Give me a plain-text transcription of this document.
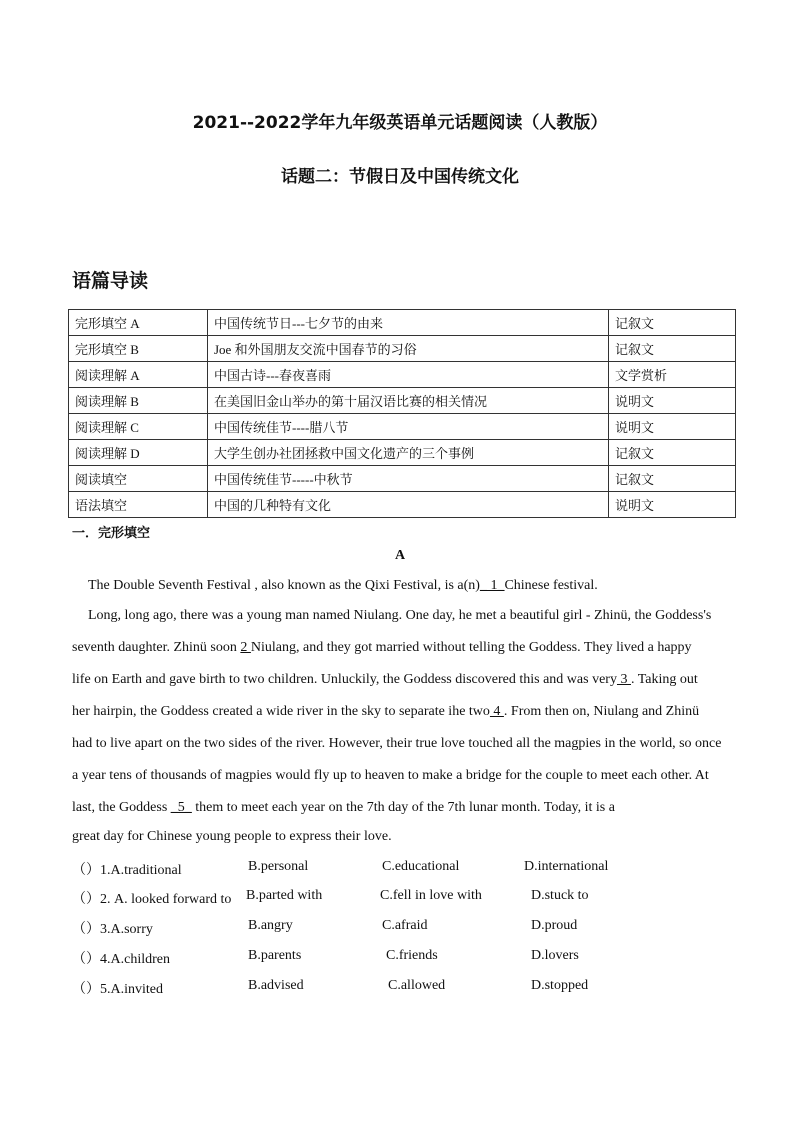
2021--2022学年九年级英语单元话题阅读（人教版）
话题二：节假日及中国传统文化
语篇导读
完形填空 A	中国传统节日---七夕节的由来	记叙文
完形填空 B	Joe 和外国朋友交流中国春节的习俗	记叙文
阅读理解 A	中国古诗---春夜喜雨	文学赏析
阅读理解 B	在美国旧金山举办的第十届汉语比赛的相关情况	说明文
阅读理解 C	中国传统佳节----腊八节	说明文
阅读理解 D	大学生创办社团拯救中国文化遗产的三个事例	记叙文
阅读填空	中国传统佳节-----中秋节	记叙文
语法填空	中国的几种特有文化	说明文
一．完形填空
A
The Double Seventh Festival , also known as the Qixi Festival, is a(n)_ 1_Chinese festival.
Long, long ago, there was a young man named Niulang. One day, he met a beautiful girl - Zhinü, the Goddess's
seventh daughter. Zhinü soon 2 Niulang, and they got married without telling the Goddess. They lived a happy
life on Earth and gave birth to two children. Unluckily, the Goddess discovered this and was very 3 . Taking out
her hairpin, the Goddess created a wide river in the sky to separate ihe two 4 . From then on, Niulang and Zhinü
had to live apart on the two sides of the river. However, their true love touched all the magpies in the world, so once
a year tens of thousands of magpies would fly up to heaven to make a bridge for the couple to meet each other. At
last, the Goddess _5_ them to meet each year on the 7th day of the 7th lunar month. Today, it is a
great day for Chinese young people to express their love.
（）1.A.traditional	B.personal	C.educational	D.international
（）2. A. looked forward to B.parted with	C.fell in love with	D.stuck to
（）3.A.sorry	B.angry	C.afraid	D.proud
（）4.A.children	B.parents	C.friends	D.lovers
（）5.A.invited	B.advised	C.allowed	D.stopped
